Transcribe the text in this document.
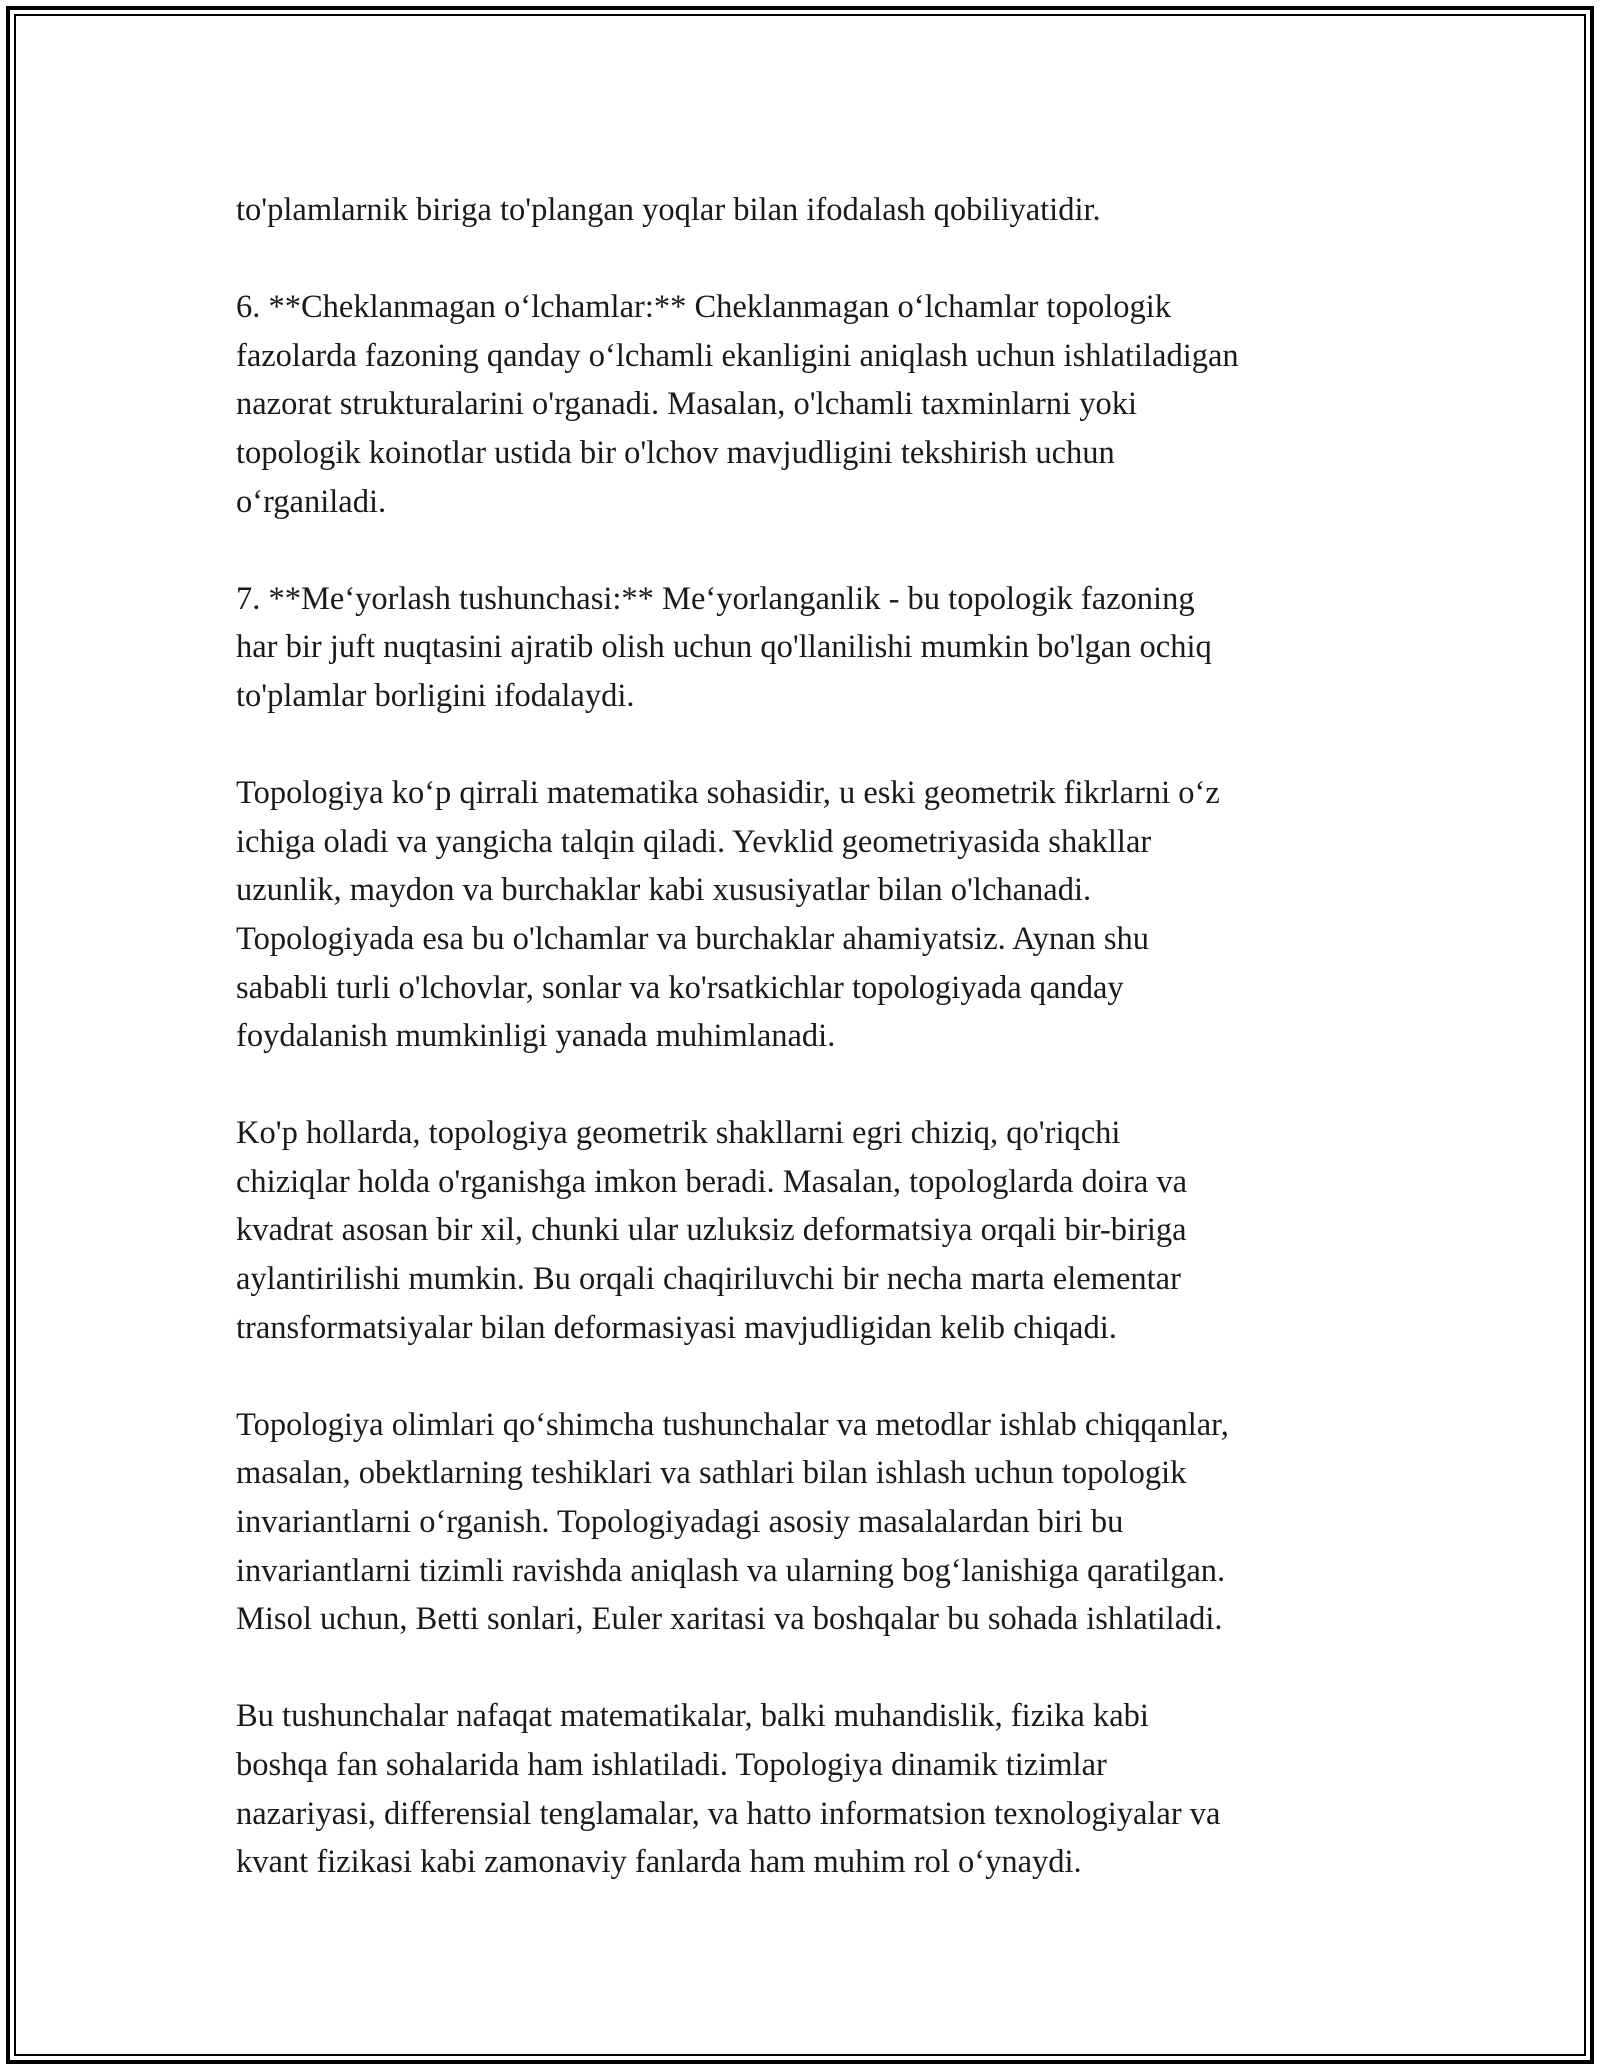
to'plamlarnik biriga to'plangan yoqlar bilan ifodalash qobiliyatidir.

6. **Cheklanmagan o‘lchamlar:** Cheklanmagan o‘lchamlar topologik
fazolarda fazoning qanday o‘lchamli ekanligini aniqlash uchun ishlatiladigan
nazorat strukturalarini o'rganadi. Masalan, o'lchamli taxminlarni yoki
topologik koinotlar ustida bir o'lchov mavjudligini tekshirish uchun
o‘rganiladi.

7. **Me‘yorlash tushunchasi:** Me‘yorlanganlik - bu topologik fazoning
har bir juft nuqtasini ajratib olish uchun qo'llanilishi mumkin bo'lgan ochiq
to'plamlar borligini ifodalaydi.

Topologiya ko‘p qirrali matematika sohasidir, u eski geometrik fikrlarni o‘z
ichiga oladi va yangicha talqin qiladi. Yevklid geometriyasida shakllar
uzunlik, maydon va burchaklar kabi xususiyatlar bilan o'lchanadi.
Topologiyada esa bu o'lchamlar va burchaklar ahamiyatsiz. Aynan shu
sababli turli o'lchovlar, sonlar va ko'rsatkichlar topologiyada qanday
foydalanish mumkinligi yanada muhimlanadi.

Ko'p hollarda, topologiya geometrik shakllarni egri chiziq, qo'riqchi
chiziqlar holda o'rganishga imkon beradi. Masalan, topologlarda doira va
kvadrat asosan bir xil, chunki ular uzluksiz deformatsiya orqali bir-biriga
aylantirilishi mumkin. Bu orqali chaqiriluvchi bir necha marta elementar
transformatsiyalar bilan deformasiyasi mavjudligidan kelib chiqadi.

Topologiya olimlari qo‘shimcha tushunchalar va metodlar ishlab chiqqanlar,
masalan, obektlarning teshiklari va sathlari bilan ishlash uchun topologik
invariantlarni o‘rganish. Topologiyadagi asosiy masalalardan biri bu
invariantlarni tizimli ravishda aniqlash va ularning bog‘lanishiga qaratilgan.
Misol uchun, Betti sonlari, Euler xaritasi va boshqalar bu sohada ishlatiladi.

Bu tushunchalar nafaqat matematikalar, balki muhandislik, fizika kabi
boshqa fan sohalarida ham ishlatiladi. Topologiya dinamik tizimlar
nazariyasi, differensial tenglamalar, va hatto informatsion texnologiyalar va
kvant fizikasi kabi zamonaviy fanlarda ham muhim rol o‘ynaydi.
